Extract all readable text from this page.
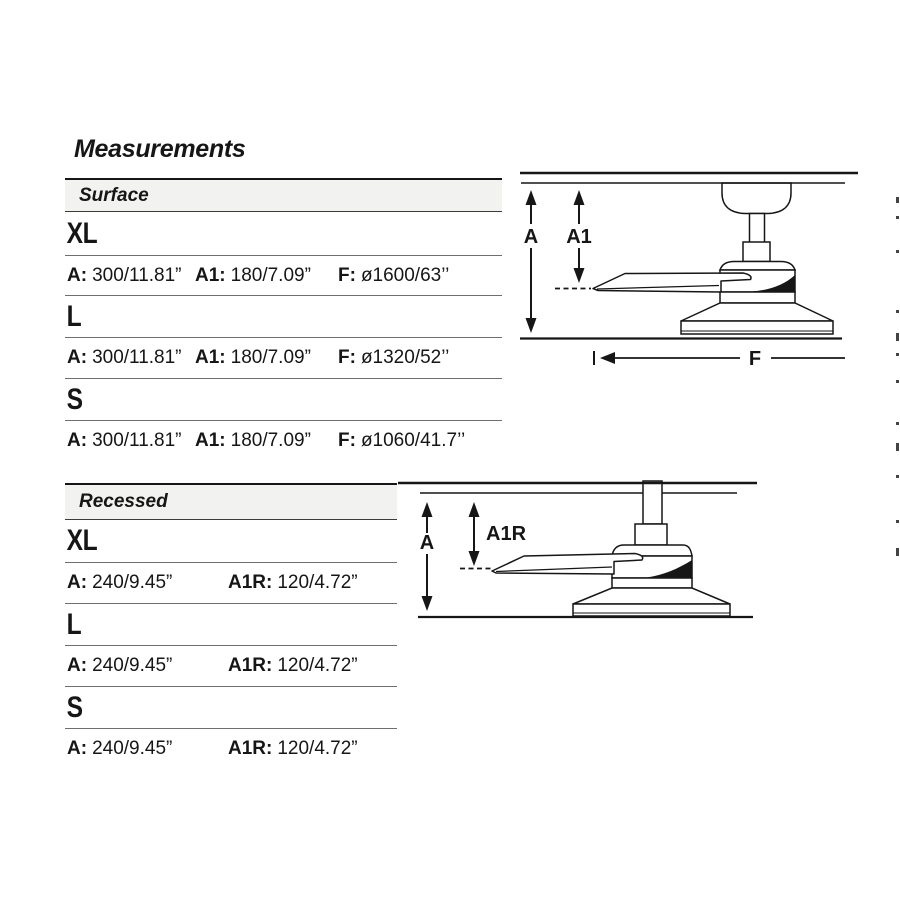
Measurements
Surface
XL
A: 300/11.81” A1: 180/7.09” F: ø1600/63’’
L
A: 300/11.81” A1: 180/7.09” F: ø1320/52’’
S
A: 300/11.81” A1: 180/7.09” F: ø1060/41.7’’
Recessed
XL
A: 240/9.45”	A1R: 120/4.72”
L
A: 240/9.45”	A1R: 120/4.72”
S
A: 240/9.45”	A1R: 120/4.72”
A A1
F
A	A1R
